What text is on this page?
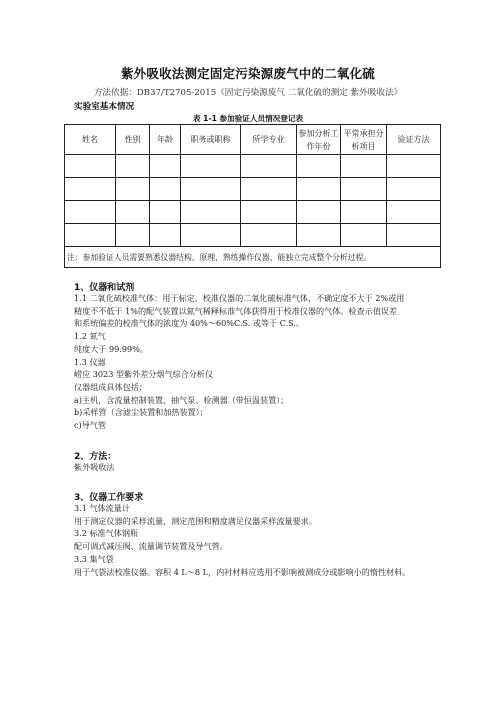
紫外吸收法测定固定污染源废气中的二氧化硫
方法依据：DB37/T2705-2015《固定污染源废气 二氧化硫的测定 紫外吸收法》
实验室基本情况
表 1-1 参加验证人员情况登记表
姓名	性别	年龄	职务或职称	所学专业	参加分析工作年份	平常承担分析项目	验证方法

注：参加验证人员需要熟悉仪器结构、原理，熟练操作仪器，能独立完成整个分析过程。							
1、仪器和试剂
1.1 二氧化硫校准气体：用于标定、校准仪器的二氧化硫标准气体，不确定度不大于 2%或用
精度不不低于 1%的配气装置以氮气稀释标准气体获得用于校准仪器的气体。检查示值误差
和系统偏差的校准气体的浓度为 40%～60%C.S. 或等于 C.S.。
1.2 氮气
纯度大于 99.99%。
1.3 仪器
崂应 3023 型紫外差分烟气综合分析仪
仪器组成具体包括：
a)主机，含流量控制装置、抽气泵、检测器（带恒温装置）；
b)采样管（含滤尘装置和加热装置）；
c)导气管
2、方法：
紫外吸收法
3、仪器工作要求
3.1 气体流量计
用于测定仪器的采样流量，测定范围和精度满足仪器采样流量要求。
3.2 标准气体钢瓶
配可调式减压阀、流量调节装置及导气管。
3.3 集气袋
用于气袋法校准仪器。容积 4 L～8 L，内衬材料应选用不影响被测成分或影响小的惰性材料。
